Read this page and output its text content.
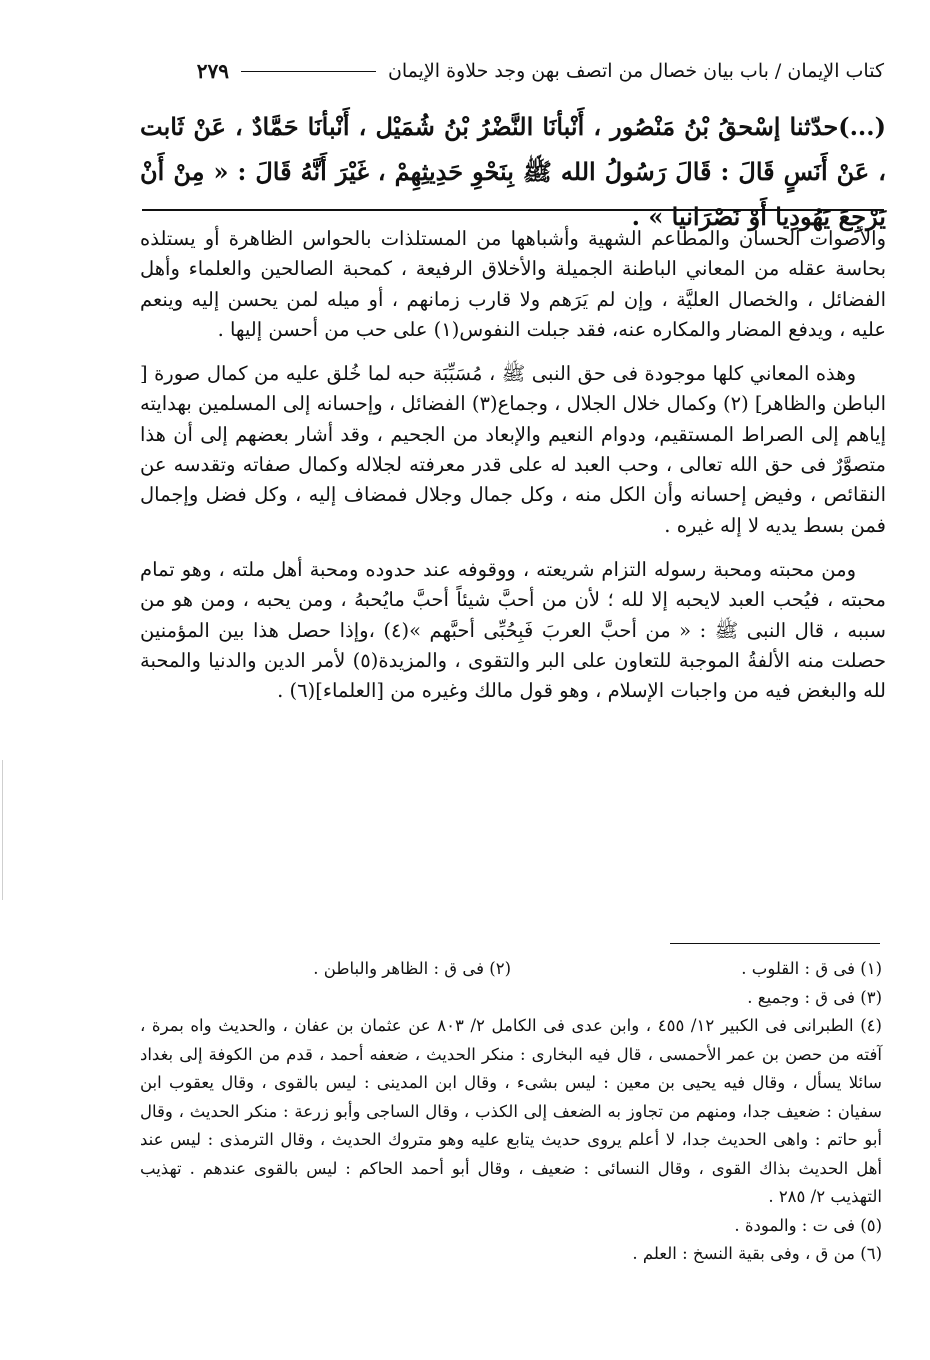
كتاب الإيمان / باب بيان خصال من اتصف بهن وجد حلاوة الإيمان
٢٧٩
(...)حدّثنا إسْحقُ بْنُ مَنْصُور ، أَنْبأنَا النَّضْرُ بْنُ شُمَيْل ، أَنْبأنَا حَمَّادٌ ، عَنْ ثَابت ، عَنْ أَنَسٍ قَالَ : قَالَ رَسُولُ الله ﷺ بِنَحْوِ حَدِيثِهِمْ ، غَيْرَ أَنَّهُ قَالَ : « مِنْ أَنْ يَرْجِعَ يَهُودِيا أَوْ نَصْرَانيا » .

والأصوات الحسان والمطاعم الشهية وأشباهها من المستلذات بالحواس الظاهرة أو يستلذه بحاسة عقله من المعاني الباطنة الجميلة والأخلاق الرفيعة ، كمحبة الصالحين والعلماء وأهل الفضائل ، والخصال العليَّة ، وإن لم يَرَهم ولا قارب زمانهم ، أو ميله لمن يحسن إليه وينعم عليه ، ويدفع المضار والمكاره عنه، فقد جبلت النفوس(١) على حب من أحسن إليها .

وهذه المعاني كلها موجودة فى حق النبى ﷺ ، مُسَبِّبَة حبه لما خُلق عليه من كمال صورة [ الباطن والظاهر] (٢) وكمال خلال الجلال ، وجماع(٣) الفضائل ، وإحسانه إلى المسلمين بهدايته إياهم إلى الصراط المستقيم، ودوام النعيم والإبعاد من الجحيم ، وقد أشار بعضهم إلى أن هذا متصوَّرٌ فى حق الله تعالى ، وحب العبد له على قدر معرفته لجلاله وكمال صفاته وتقدسه عن النقائص ، وفيض إحسانه وأن الكل منه ، وكل جمال وجلال فمضاف إليه ، وكل فضل وإجمال فمن بسط يديه لا إله غيره .

ومن محبته ومحبة رسوله التزام شريعته ، ووقوفه عند حدوده ومحبة أهل ملته ، وهو تمام محبته ، فيُحب العبد لايحبه إلا لله ؛ لأن من أحبَّ شيئاً أحبَّ مايُحبهُ ، ومن يحبه ، ومن هو من سببه ، قال النبى ﷺ : « من أحبَّ العربَ فَبِحُبِّى أحبَّهم »(٤) ،وإذا حصل هذا بين المؤمنين حصلت منه الألفةُ الموجبة للتعاون على البر والتقوى ، والمزيدة(٥) لأمر الدين والدنيا والمحبة لله والبغض فيه من واجبات الإسلام ، وهو قول مالك وغيره من [العلماء](٦) .

(١) فى ق : القلوب .
(٢) فى ق : الظاهر والباطن .
(٣) فى ق : وجميع .
(٤) الطبرانى فى الكبير ١٢/ ٤٥٥ ، وابن عدى فى الكامل ٢/ ٨٠٣ عن عثمان بن عفان ، والحديث واه بمرة ، آفته من حصن بن عمر الأحمسى ، قال فيه البخارى : منكر الحديث ، ضعفه أحمد ، قدم من الكوفة إلى بغداد سائلا يسأل ، وقال فيه يحيى بن معين : ليس بشىء ، وقال ابن المدينى : ليس بالقوى ، وقال يعقوب ابن سفيان : ضعيف جدا، ومنهم من تجاوز به الضعف إلى الكذب ، وقال الساجى وأبو زرعة : منكر الحديث ، وقال أبو حاتم : واهى الحديث جدا، لا أعلم يروى حديث يتابع عليه وهو متروك الحديث ، وقال الترمذى : ليس عند أهل الحديث بذاك القوى ، وقال النسائى : ضعيف ، وقال أبو أحمد الحاكم : ليس بالقوى عندهم . تهذيب التهذيب ٢/ ٢٨٥ .
(٥) فى ت : والمودة .
(٦) من ق ، وفى بقية النسخ : العلم .
